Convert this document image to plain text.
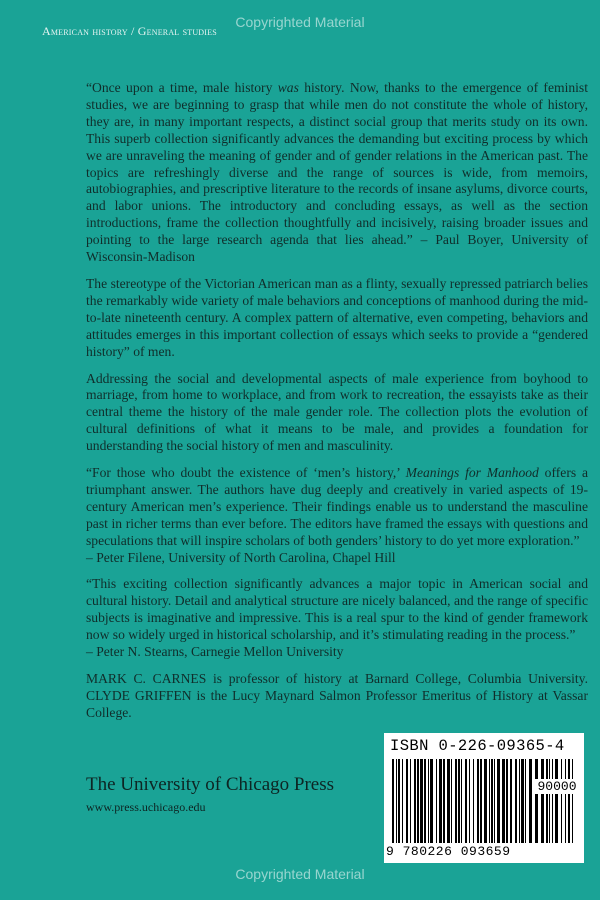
Copyrighted Material
American history / General studies

“Once upon a time, male history was history. Now, thanks to the emergence of feminist studies, we are beginning to grasp that while men do not constitute the whole of history, they are, in many important respects, a distinct social group that merits study on its own. This superb collection significantly advances the demanding but exciting process by which we are unraveling the meaning of gender and of gender relations in the American past. The topics are refreshingly diverse and the range of sources is wide, from memoirs, autobiographies, and prescriptive literature to the records of insane asylums, divorce courts, and labor unions. The introductory and concluding essays, as well as the section introductions, frame the collection thoughtfully and incisively, raising broader issues and pointing to the large research agenda that lies ahead.” – Paul Boyer, University of Wisconsin-Madison

The stereotype of the Victorian American man as a flinty, sexually repressed patriarch belies the remarkably wide variety of male behaviors and conceptions of manhood during the mid-to-late nineteenth century. A complex pattern of alternative, even competing, behaviors and attitudes emerges in this important collection of essays which seeks to provide a “gendered history” of men.

Addressing the social and developmental aspects of male experience from boyhood to marriage, from home to workplace, and from work to recreation, the essayists take as their central theme the history of the male gender role. The collection plots the evolution of cultural definitions of what it means to be male, and provides a foundation for understanding the social history of men and masculinity.

“For those who doubt the existence of ‘men’s history,’ Meanings for Manhood offers a triumphant answer. The authors have dug deeply and creatively in varied aspects of 19-century American men’s experience. Their findings enable us to understand the masculine past in richer terms than ever before. The editors have framed the essays with questions and speculations that will inspire scholars of both genders’ history to do yet more exploration.”
– Peter Filene, University of North Carolina, Chapel Hill

“This exciting collection significantly advances a major topic in American social and cultural history. Detail and analytical structure are nicely balanced, and the range of specific subjects is imaginative and impressive. This is a real spur to the kind of gender framework now so widely urged in historical scholarship, and it’s stimulating reading in the process.”
– Peter N. Stearns, Carnegie Mellon University

MARK C. CARNES is professor of history at Barnard College, Columbia University. CLYDE GRIFFEN is the Lucy Maynard Salmon Professor Emeritus of History at Vassar College.

The University of Chicago Press
www.press.uchicago.edu
ISBN 0-226-09365-4
90000
9 780226 093659
Copyrighted Material
